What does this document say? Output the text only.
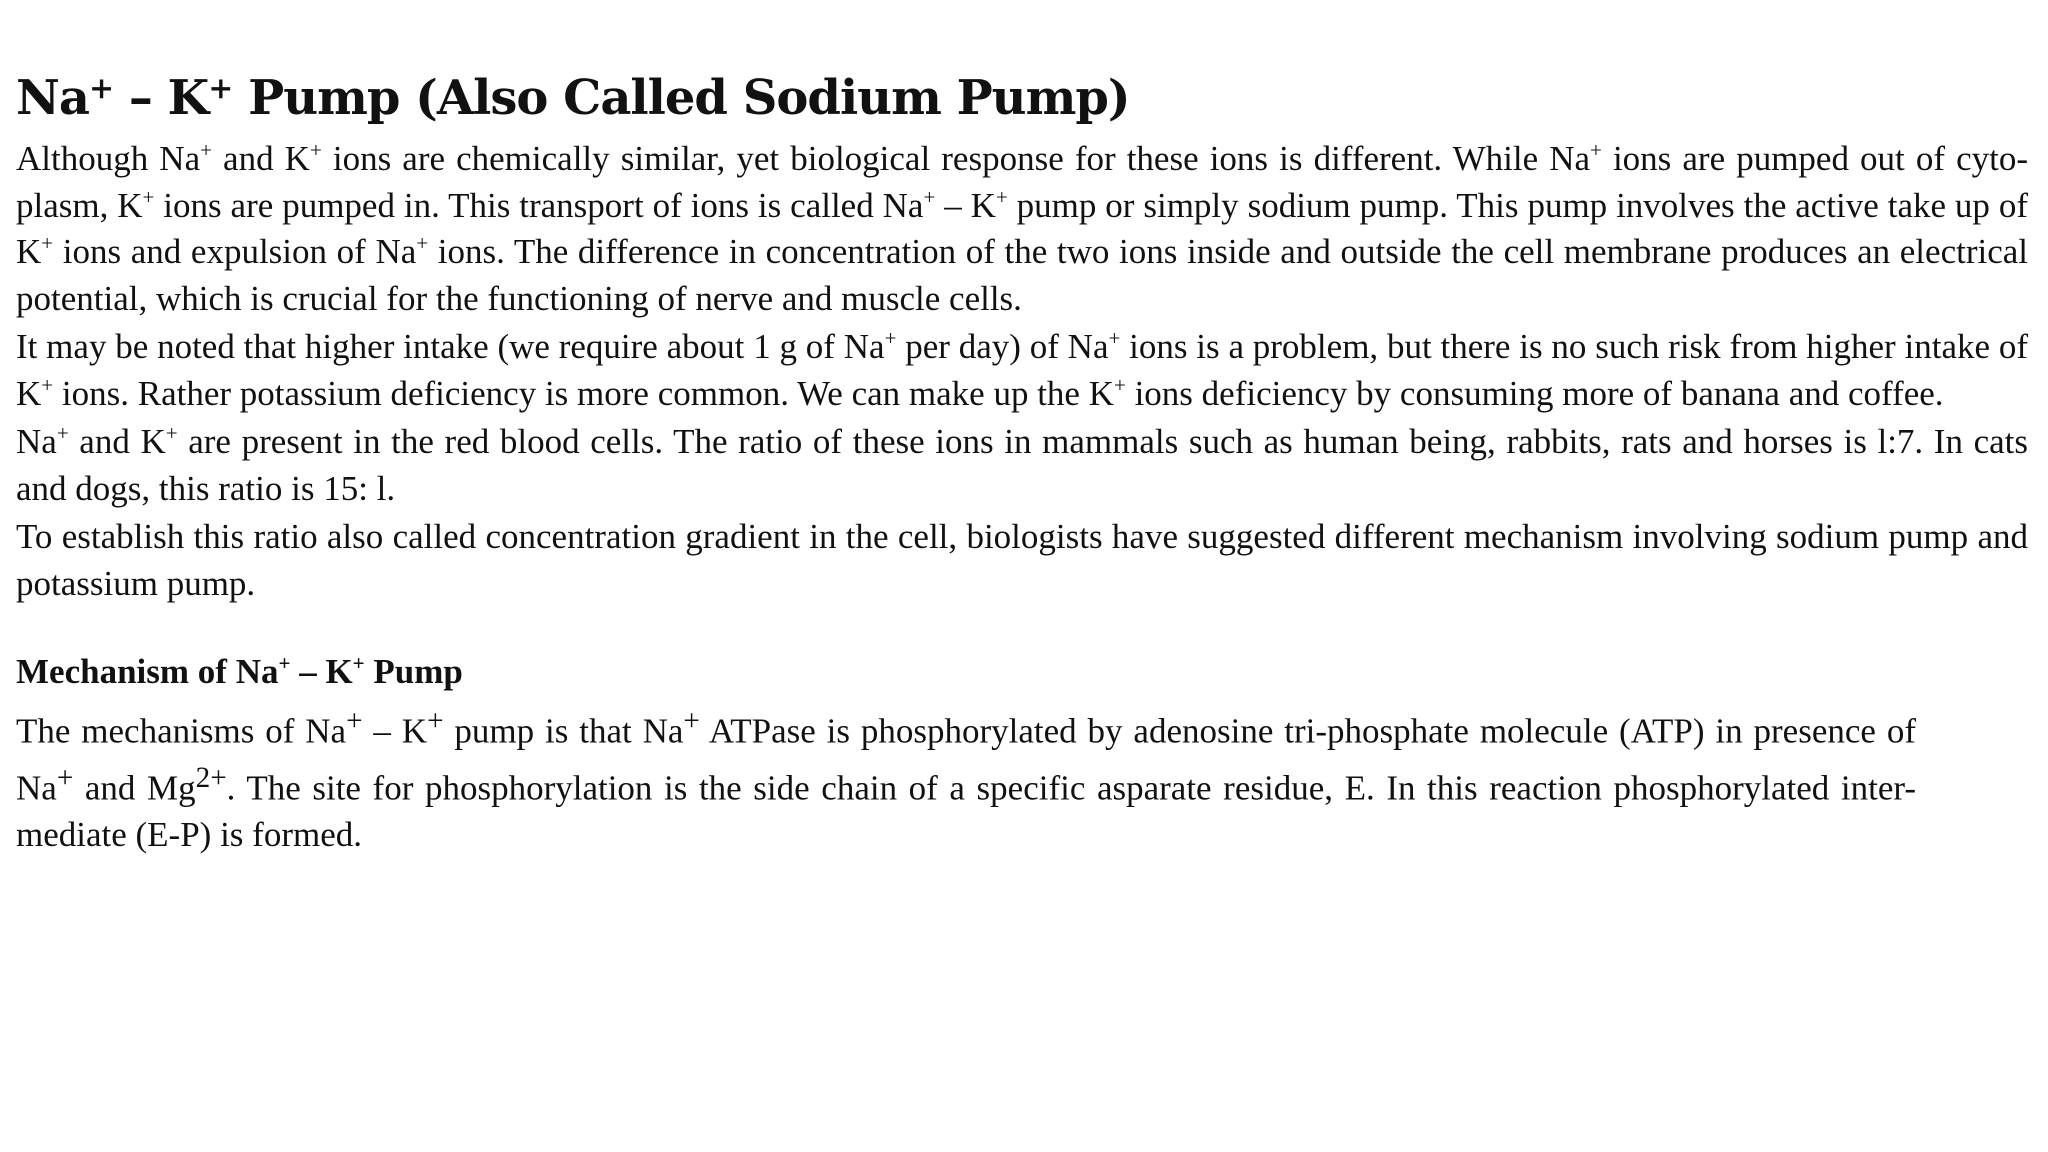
Na+ – K+ Pump (Also Called Sodium Pump)

Although Na+ and K+ ions are chemically similar, yet biological response for these ions is different. While Na+ ions are pumped out of cyto-plasm, K+ ions are pumped in. This transport of ions is called Na+ – K+ pump or simply sodium pump. This pump involves the active take up of K+ ions and expulsion of Na+ ions. The difference in concentration of the two ions inside and outside the cell membrane produces an electrical potential, which is crucial for the functioning of nerve and muscle cells.

It may be noted that higher intake (we require about 1 g of Na+ per day) of Na+ ions is a problem, but there is no such risk from higher intake of K+ ions. Rather potassium deficiency is more common. We can make up the K+ ions deficiency by consuming more of banana and coffee.

Na+ and K+ are present in the red blood cells. The ratio of these ions in mammals such as human being, rabbits, rats and horses is l:7. In cats and dogs, this ratio is 15: l.

To establish this ratio also called concentration gradient in the cell, biologists have suggested different mechanism involving sodium pump and potassium pump.

Mechanism of Na+ – K+ Pump

The mechanisms of Na+ – K+ pump is that Na+ ATPase is phosphorylated by adenosine tri-phosphate molecule (ATP) in presence of Na+ and $Mg^{2+}$. The site for phosphorylation is the side chain of a specific asparate residue, E. In this reaction phosphorylated inter-mediate (E-P) is formed.
